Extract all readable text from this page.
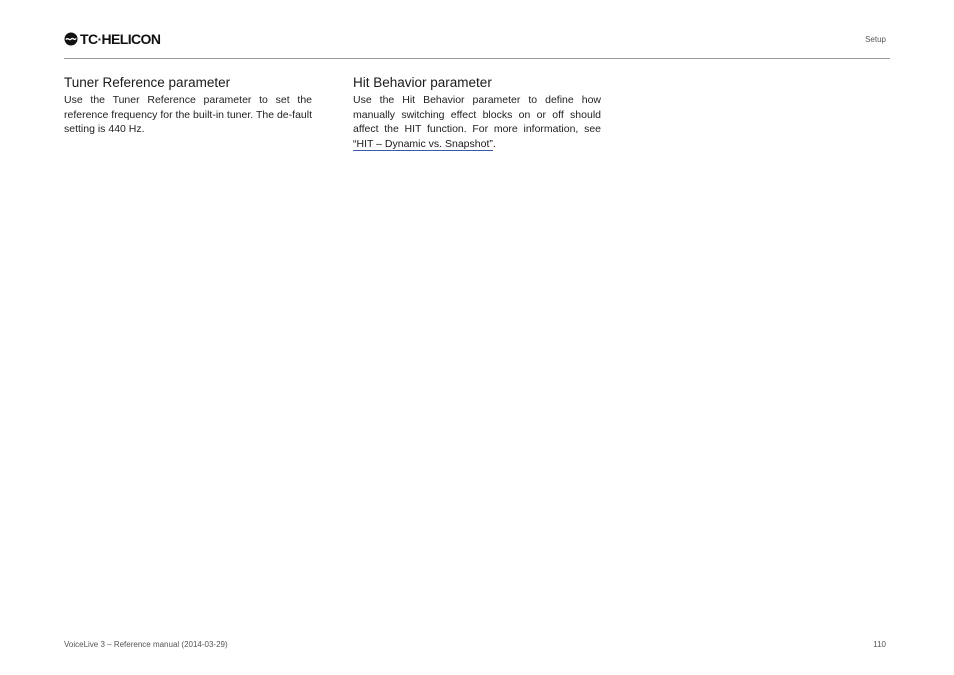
TC·HELICON	Setup
Tuner Reference parameter

Use the Tuner Reference parameter to set the reference frequency for the built-in tuner. The de-fault setting is 440 Hz.

Hit Behavior parameter

Use the Hit Behavior parameter to define how manually switching effect blocks on or off should affect the HIT function. For more information, see “HIT – Dynamic vs. Snapshot”.

VoiceLive 3 – Reference manual (2014-03-29)	110
